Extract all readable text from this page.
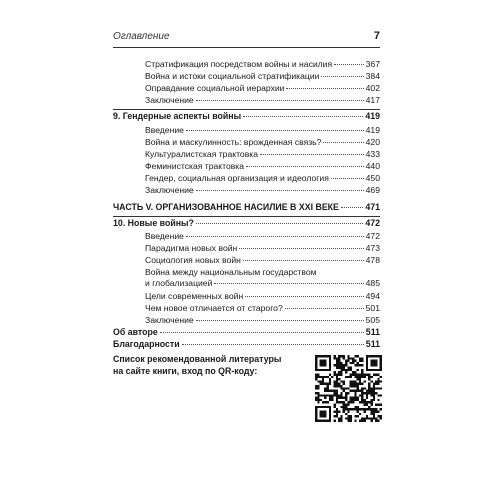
Оглавление	7
Стратификация посредством войны и насилия	367
Война и истоки социальной стратификации	384
Оправдание социальной иерархии	402
Заключение	417
9. Гендерные аспекты войны	419
Введение	419
Война и маскулинность: врожденная связь?	420
Культуралистская трактовка	433
Феминистская трактовка	440
Гендер, социальная организация и идеология	450
Заключение	469
ЧАСТЬ V. ОРГАНИЗОВАННОЕ НАСИЛИЕ В XXI ВЕКЕ	471
10. Новые войны?	472
Введение	472
Парадигма новых войн	473
Социология новых войн	478
Война между национальным государством
и глобализацией	485
Цели современных войн	494
Чем новое отличается от старого?	501
Заключение	505
Об авторе	511
Благодарности	511
Список рекомендованной литературы
на сайте книги, вход по QR-коду:
